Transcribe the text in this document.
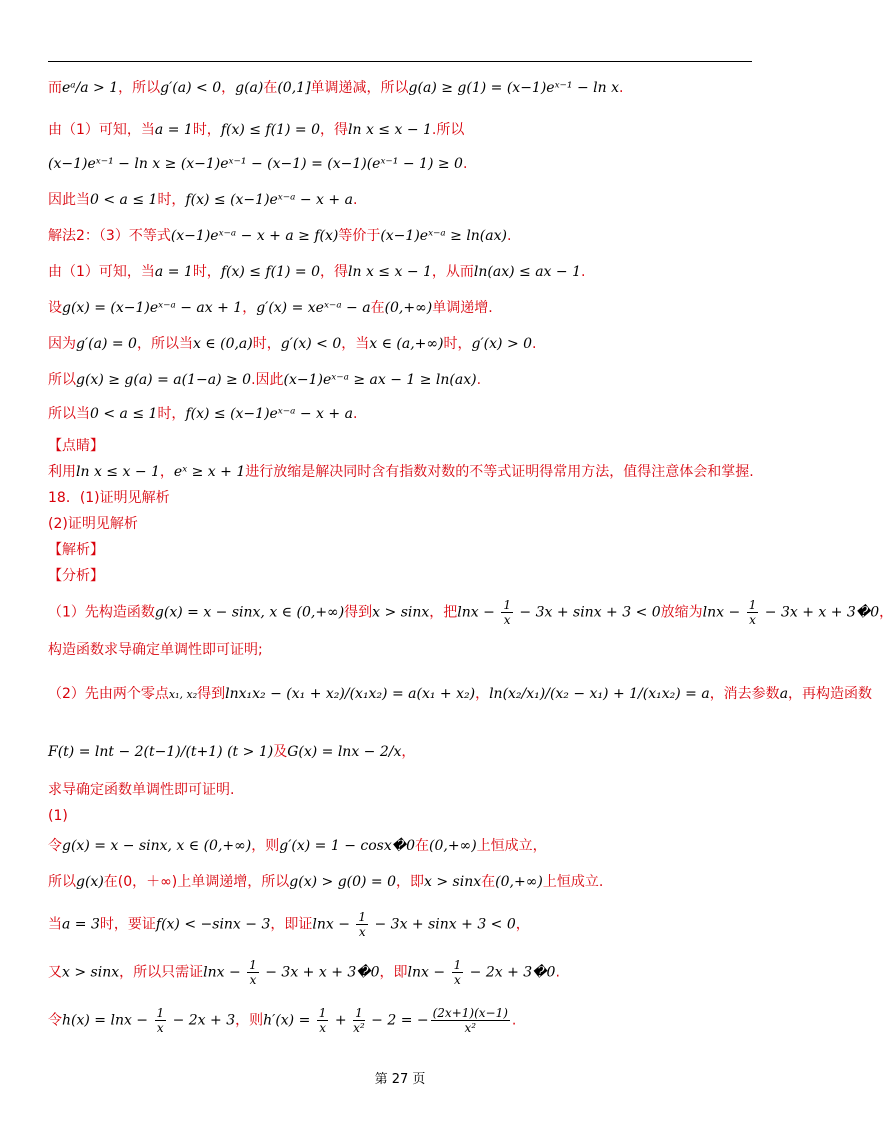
而eᵃ/a > 1，所以g′(a) < 0，g(a)在(0,1]单调递减，所以g(a) ≥ g(1) = (x−1)eˣ⁻¹ − ln x.
由（1）可知，当a = 1时，f(x) ≤ f(1) = 0，得ln x ≤ x − 1.所以
(x−1)eˣ⁻¹ − ln x ≥ (x−1)eˣ⁻¹ − (x−1) = (x−1)(eˣ⁻¹ − 1) ≥ 0.
因此当0 < a ≤ 1时，f(x) ≤ (x−1)eˣ⁻ᵃ − x + a.
解法2：（3）不等式(x−1)eˣ⁻ᵃ − x + a ≥ f(x)等价于(x−1)eˣ⁻ᵃ ≥ ln(ax).
由（1）可知，当a = 1时，f(x) ≤ f(1) = 0，得ln x ≤ x − 1，从而ln(ax) ≤ ax − 1.
设g(x) = (x−1)eˣ⁻ᵃ − ax + 1，g′(x) = xeˣ⁻ᵃ − a在(0,+∞)单调递增.
因为g′(a) = 0，所以当x ∈ (0,a)时，g′(x) < 0，当x ∈ (a,+∞)时，g′(x) > 0.
所以g(x) ≥ g(a) = a(1−a) ≥ 0.因此(x−1)eˣ⁻ᵃ ≥ ax − 1 ≥ ln(ax).
所以当0 < a ≤ 1时，f(x) ≤ (x−1)eˣ⁻ᵃ − x + a.
【点睛】
利用ln x ≤ x − 1，eˣ ≥ x + 1进行放缩是解决同时含有指数对数的不等式证明得常用方法，值得注意体会和掌握.
18．(1)证明见解析
(2)证明见解析
【解析】
【分析】
（1）先构造函数g(x) = x − sinx, x ∈ (0,+∞)得到x > sinx，把$\ln x - \frac{1}{x} - 3x + \sin x + 3 < 0$放缩为$\ln x - \frac{1}{x} - 3x + x$ + 3�0，
构造函数求导确定单调性即可证明;
（2）先由两个零点x₁, x₂得到lnx₁x₂ − (x₁ + x₂)/(x₁x₂) = a(x₁ + x₂)，ln(x₂/x₁)/(x₂ − x₁) + 1/(x₁x₂) = a，消去参数a，再构造函数
F(t) = lnt − 2(t−1)/(t+1) (t > 1)及G(x) = lnx − 2/x，
求导确定函数单调性即可证明.
(1)
令g(x) = x − sinx, x ∈ (0,+∞)，则g′(x) = 1 − cosx�0在(0,+∞)上恒成立，
所以g(x)在(0，＋∞)上单调递增，所以g(x) > g(0) = 0，即x > sinx在(0,+∞)上恒成立.
当a = 3时，要证f(x) < −sinx − 3，即证$\ln x - \frac{1}{x} - 3x + \sin x + 3 < 0$，
又x > sinx，所以只需证$\ln x - \frac{1}{x} - 3x + x$ + 3�0，即$\ln x - \frac{1}{x} - 2x$ + 3�0.
令$h(x) = \ln x - \frac{1}{x} - 2x + 3$，则$h'(x) = \frac{1}{x} + \frac{1}{\text{x²}} - 2$ = − $\frac{(2x+1)(x-1)}{\text{x²}}$ .
第 27 页
